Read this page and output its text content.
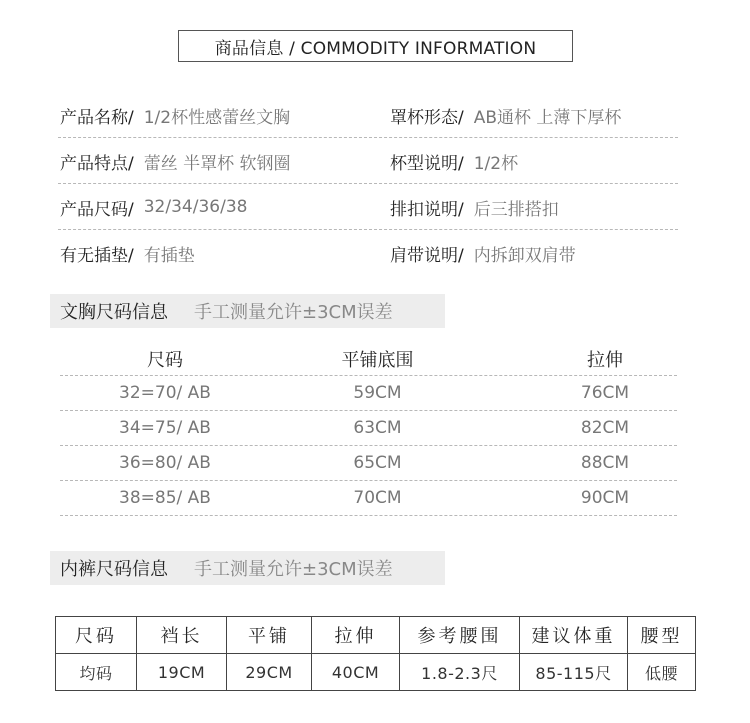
商品信息 / COMMODITY INFORMATION
产品名称/ 1/2杯性感蕾丝文胸	罩杯形态/ AB通杯 上薄下厚杯
产品特点/ 蕾丝 半罩杯 软钢圈	杯型说明/ 1/2杯
产品尺码/ 32/34/36/38	排扣说明/ 后三排搭扣
有无插垫/ 有插垫	肩带说明/ 内拆卸双肩带
文胸尺码信息 手工测量允许±3CM误差
尺码	平铺底围	拉伸
32=70/ AB	59CM	76CM
34=75/ AB	63CM	82CM
36=80/ AB	65CM	88CM
38=85/ AB	70CM	90CM
内裤尺码信息 手工测量允许±3CM误差
尺码	裆长	平铺	拉伸	参考腰围	建议体重	腰型
均码	19CM	29CM	40CM	1.8-2.3尺	85-115尺	低腰
